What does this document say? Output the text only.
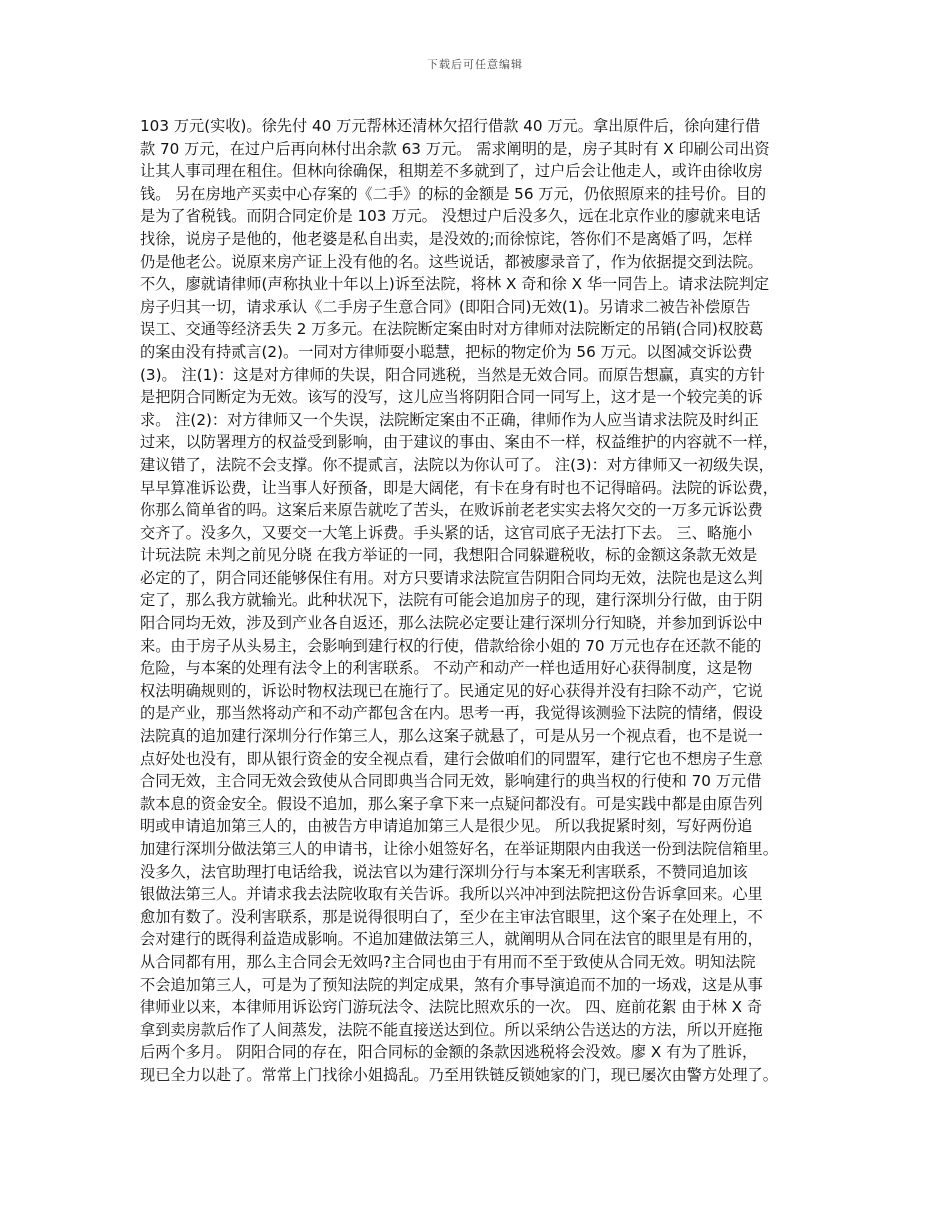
下载后可任意编辑
103 万元(实收)。徐先付 40 万元帮林还清林欠招行借款 40 万元。拿出原件后，徐向建行借
款 70 万元，在过户后再向林付出余款 63 万元。 需求阐明的是，房子其时有 X 印刷公司出资
让其人事司理在租住。但林向徐确保，租期差不多就到了，过户后会让他走人，或许由徐收房
钱。 另在房地产买卖中心存案的《二手》的标的金额是 56 万元，仍依照原来的挂号价。目的
是为了省税钱。而阴合同定价是 103 万元。 没想过户后没多久，远在北京作业的廖就来电话
找徐，说房子是他的，他老婆是私自出卖，是没效的;而徐惊诧，答你们不是离婚了吗，怎样
仍是他老公。说原来房产证上没有他的名。这些说话，都被廖录音了，作为依据提交到法院。
不久，廖就请律师(声称执业十年以上)诉至法院，将林 X 奇和徐 X 华一同告上。请求法院判定
房子归其一切，请求承认《二手房子生意合同》(即阳合同)无效(1)。另请求二被告补偿原告
误工、交通等经济丢失 2 万多元。在法院断定案由时对方律师对法院断定的吊销(合同)权胶葛
的案由没有持贰言(2)。一同对方律师耍小聪慧，把标的物定价为 56 万元。以图减交诉讼费
(3)。 注(1)：这是对方律师的失误，阳合同逃税，当然是无效合同。而原告想赢，真实的方针
是把阴合同断定为无效。该写的没写，这儿应当将阴阳合同一同写上，这才是一个较完美的诉
求。 注(2)：对方律师又一个失误，法院断定案由不正确，律师作为人应当请求法院及时纠正
过来，以防署理方的权益受到影响，由于建议的事由、案由不一样，权益维护的内容就不一样，
建议错了，法院不会支撑。你不提贰言，法院以为你认可了。 注(3)：对方律师又一初级失误，
早早算准诉讼费，让当事人好预备，即是大阔佬，有卡在身有时也不记得暗码。法院的诉讼费，
你那么简单省的吗。这案后来原告就吃了苦头，在败诉前老老实实去将欠交的一万多元诉讼费
交齐了。没多久，又要交一大笔上诉费。手头紧的话，这官司底子无法打下去。 三、略施小
计玩法院 未判之前见分晓 在我方举证的一同，我想阳合同躲避税收，标的金额这条款无效是
必定的了，阴合同还能够保住有用。对方只要请求法院宣告阴阳合同均无效，法院也是这么判
定了，那么我方就输光。此种状况下，法院有可能会追加房子的现，建行深圳分行做，由于阴
阳合同均无效，涉及到产业各自返还，那么法院必定要让建行深圳分行知晓，并参加到诉讼中
来。由于房子从头易主，会影响到建行权的行使，借款给徐小姐的 70 万元也存在还款不能的
危险，与本案的处理有法令上的利害联系。 不动产和动产一样也适用好心获得制度，这是物
权法明确规则的，诉讼时物权法现已在施行了。民通定见的好心获得并没有扫除不动产，它说
的是产业，那当然将动产和不动产都包含在内。思考一再，我觉得该测验下法院的情绪，假设
法院真的追加建行深圳分行作第三人，那么这案子就悬了，可是从另一个视点看，也不是说一
点好处也没有，即从银行资金的安全视点看，建行会做咱们的同盟军，建行它也不想房子生意
合同无效，主合同无效会致使从合同即典当合同无效，影响建行的典当权的行使和 70 万元借
款本息的资金安全。假设不追加，那么案子拿下来一点疑问都没有。可是实践中都是由原告列
明或申请追加第三人的，由被告方申请追加第三人是很少见。 所以我捉紧时刻，写好两份追
加建行深圳分做法第三人的申请书，让徐小姐签好名，在举证期限内由我送一份到法院信箱里。
没多久，法官助理打电话给我，说法官以为建行深圳分行与本案无利害联系，不赞同追加该
银做法第三人。并请求我去法院收取有关告诉。我所以兴冲冲到法院把这份告诉拿回来。心里
愈加有数了。没利害联系，那是说得很明白了，至少在主审法官眼里，这个案子在处理上，不
会对建行的既得利益造成影响。不追加建做法第三人，就阐明从合同在法官的眼里是有用的，
从合同都有用，那么主合同会无效吗?主合同也由于有用而不至于致使从合同无效。明知法院
不会追加第三人，可是为了预知法院的判定成果，煞有介事导演追而不加的一场戏，这是从事
律师业以来，本律师用诉讼窍门游玩法令、法院比照欢乐的一次。 四、庭前花絮 由于林 X 奇
拿到卖房款后作了人间蒸发，法院不能直接送达到位。所以采纳公告送达的方法，所以开庭拖
后两个多月。 阴阳合同的存在，阳合同标的金额的条款因逃税将会没效。廖 X 有为了胜诉，
现已全力以赴了。常常上门找徐小姐捣乱。乃至用铁链反锁她家的门，现已屡次由警方处理了。
